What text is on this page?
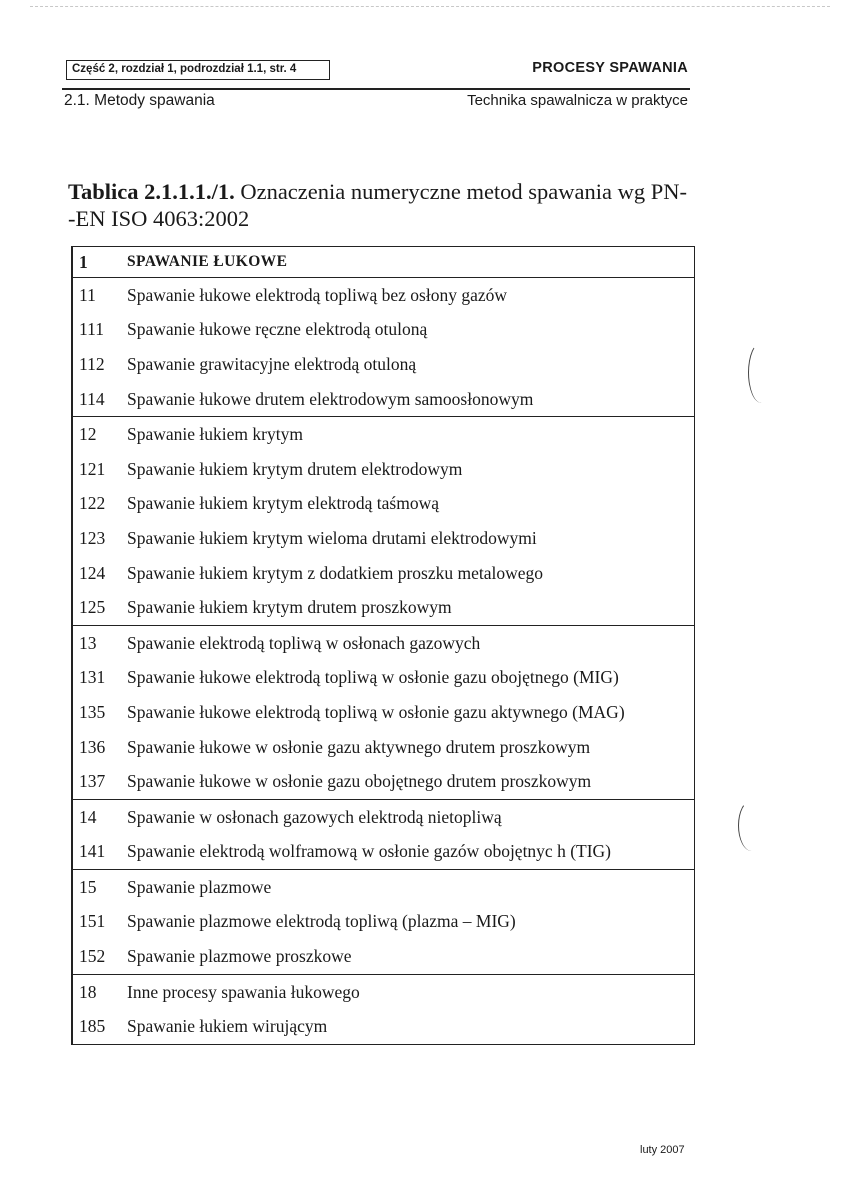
Część 2, rozdział 1, podrozdział 1.1, str. 4	PROCESY SPAWANIA
2.1. Metody spawania	Technika spawalnicza w praktyce
Tablica 2.1.1.1./1. Oznaczenia numeryczne metod spawania wg PN--EN ISO 4063:2002
1	SPAWANIE ŁUKOWE
11	Spawanie łukowe elektrodą topliwą bez osłony gazów
111	Spawanie łukowe ręczne elektrodą otuloną
112	Spawanie grawitacyjne elektrodą otuloną
114	Spawanie łukowe drutem elektrodowym samoosłonowym
12	Spawanie łukiem krytym
121	Spawanie łukiem krytym drutem elektrodowym
122	Spawanie łukiem krytym elektrodą taśmową
123	Spawanie łukiem krytym wieloma drutami elektrodowymi
124	Spawanie łukiem krytym z dodatkiem proszku metalowego
125	Spawanie łukiem krytym drutem proszkowym
13	Spawanie elektrodą topliwą w osłonach gazowych
131	Spawanie łukowe elektrodą topliwą w osłonie gazu obojętnego (MIG)
135	Spawanie łukowe elektrodą topliwą w osłonie gazu aktywnego (MAG)
136	Spawanie łukowe w osłonie gazu aktywnego drutem proszkowym
137	Spawanie łukowe w osłonie gazu obojętnego drutem proszkowym
14	Spawanie w osłonach gazowych elektrodą nietopliwą
141	Spawanie elektrodą wolframową w osłonie gazów obojętnyc h (TIG)
15	Spawanie plazmowe
151	Spawanie plazmowe elektrodą topliwą (plazma – MIG)
152	Spawanie plazmowe proszkowe
18	Inne procesy spawania łukowego
185	Spawanie łukiem wirującym
luty 2007
